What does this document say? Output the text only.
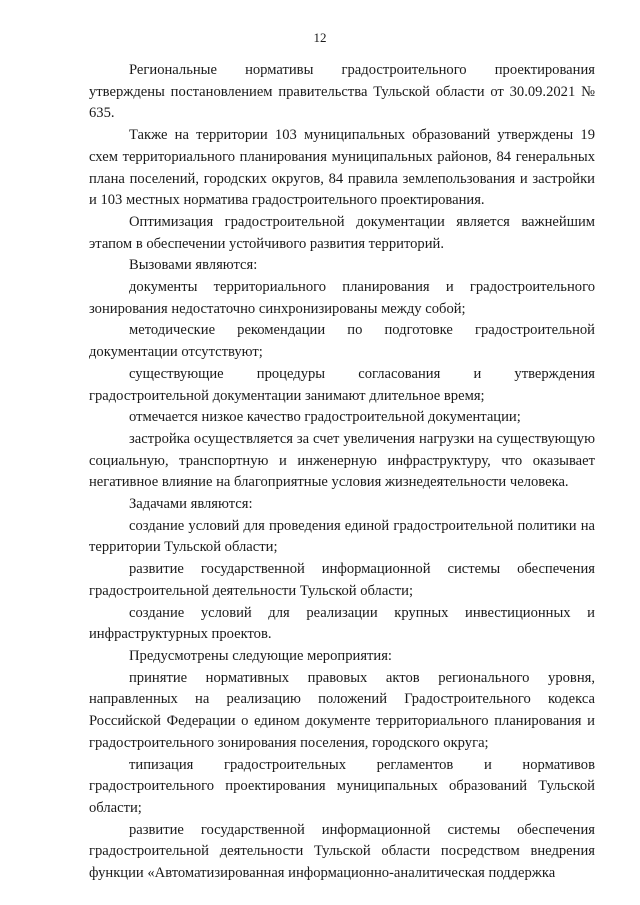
12

Региональные нормативы градостроительного проектирования утверждены постановлением правительства Тульской области от 30.09.2021 № 635.

Также на территории 103 муниципальных образований утверждены 19 схем территориального планирования муниципальных районов, 84 генеральных плана поселений, городских округов, 84 правила землепользования и застройки и 103 местных норматива градостроительного проектирования.

Оптимизация градостроительной документации является важнейшим этапом в обеспечении устойчивого развития территорий.

Вызовами являются:

документы территориального планирования и градостроительного зонирования недостаточно синхронизированы между собой;

методические рекомендации по подготовке градостроительной документации отсутствуют;

существующие процедуры согласования и утверждения градостроительной документации занимают длительное время;

отмечается низкое качество градостроительной документации;

застройка осуществляется за счет увеличения нагрузки на существующую социальную, транспортную и инженерную инфраструктуру, что оказывает негативное влияние на благоприятные условия жизнедеятельности человека.

Задачами являются:

создание условий для проведения единой градостроительной политики на территории Тульской области;

развитие государственной информационной системы обеспечения градостроительной деятельности Тульской области;

создание условий для реализации крупных инвестиционных и инфраструктурных проектов.

Предусмотрены следующие мероприятия:

принятие нормативных правовых актов регионального уровня, направленных на реализацию положений Градостроительного кодекса Российской Федерации о едином документе территориального планирования и градостроительного зонирования поселения, городского округа;

типизация градостроительных регламентов и нормативов градостроительного проектирования муниципальных образований Тульской области;

развитие государственной информационной системы обеспечения градостроительной деятельности Тульской области посредством внедрения функции «Автоматизированная информационно-аналитическая поддержка
